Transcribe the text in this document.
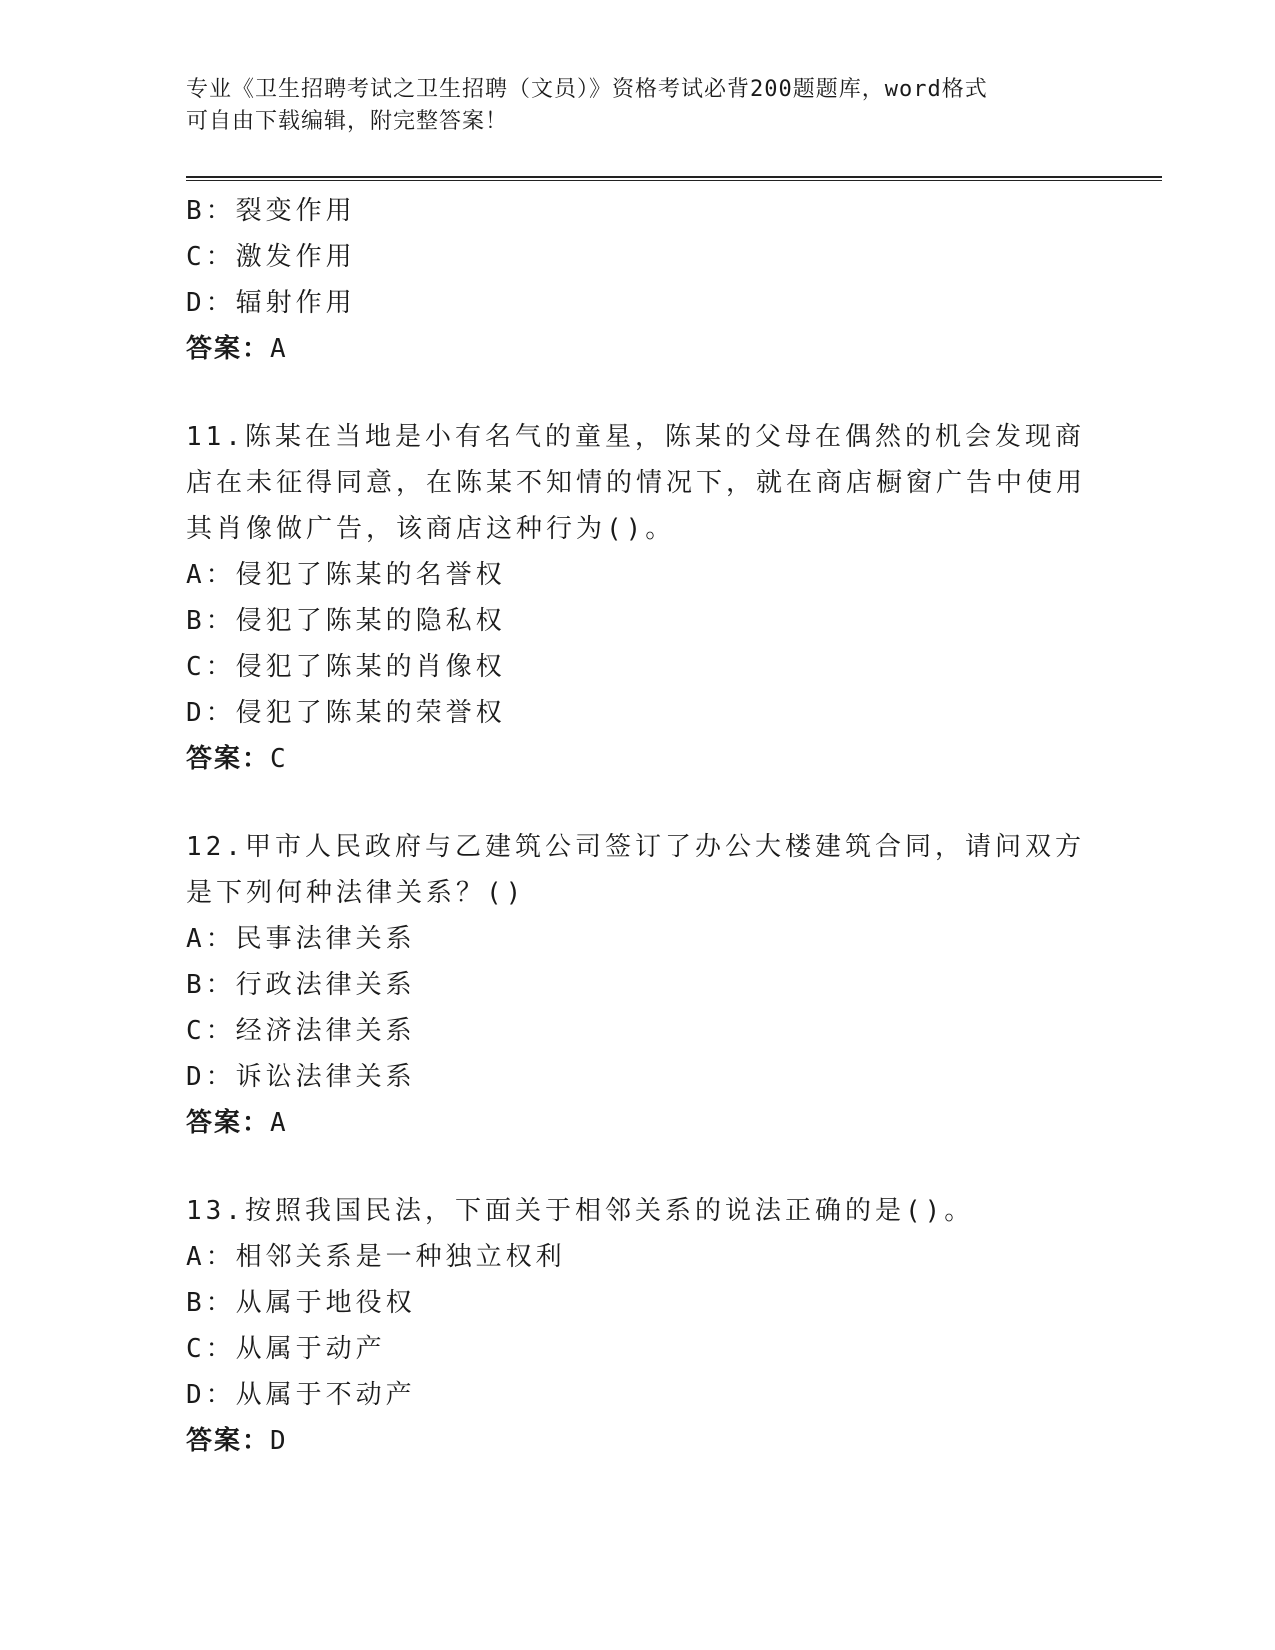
专业《卫生招聘考试之卫生招聘（文员）》资格考试必背200题题库，word格式
可自由下载编辑，附完整答案！
B：裂变作用
C：激发作用
D：辐射作用
答案：A
11.陈某在当地是小有名气的童星，陈某的父母在偶然的机会发现商店在未征得同意，在陈某不知情的情况下，就在商店橱窗广告中使用其肖像做广告，该商店这种行为()。
A：侵犯了陈某的名誉权
B：侵犯了陈某的隐私权
C：侵犯了陈某的肖像权
D：侵犯了陈某的荣誉权
答案：C
12.甲市人民政府与乙建筑公司签订了办公大楼建筑合同，请问双方是下列何种法律关系？()
A：民事法律关系
B：行政法律关系
C：经济法律关系
D：诉讼法律关系
答案：A
13.按照我国民法，下面关于相邻关系的说法正确的是()。
A：相邻关系是一种独立权利
B：从属于地役权
C：从属于动产
D：从属于不动产
答案：D
